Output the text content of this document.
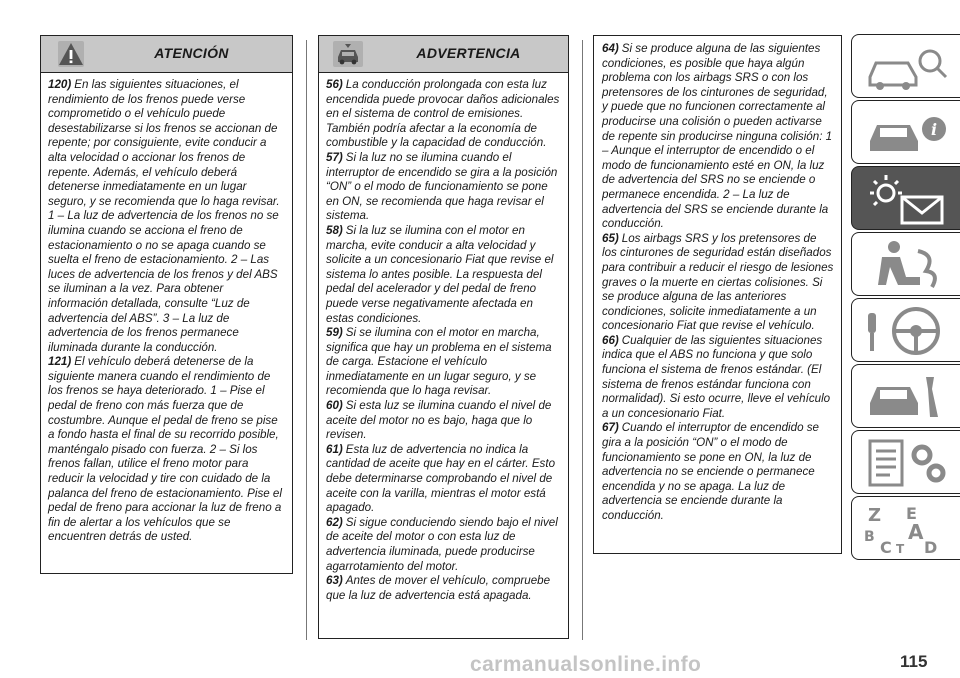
ATENCIÓN

120) En las siguientes situaciones, el rendimiento de los frenos puede verse comprometido o el vehículo puede desestabilizarse si los frenos se accionan de repente; por consiguiente, evite conducir a alta velocidad o accionar los frenos de repente. Además, el vehículo deberá detenerse inmediatamente en un lugar seguro, y se recomienda que lo haga revisar. 1 – La luz de advertencia de los frenos no se ilumina cuando se acciona el freno de estacionamiento o no se apaga cuando se suelta el freno de estacionamiento. 2 – Las luces de advertencia de los frenos y del ABS se iluminan a la vez. Para obtener información detallada, consulte “Luz de advertencia del ABS”. 3 – La luz de advertencia de los frenos permanece iluminada durante la conducción.

121) El vehículo deberá detenerse de la siguiente manera cuando el rendimiento de los frenos se haya deteriorado. 1 – Pise el pedal de freno con más fuerza que de costumbre. Aunque el pedal de freno se pise a fondo hasta el final de su recorrido posible, manténgalo pisado con fuerza. 2 – Si los frenos fallan, utilice el freno motor para reducir la velocidad y tire con cuidado de la palanca del freno de estacionamiento. Pise el pedal de freno para accionar la luz de freno a fin de alertar a los vehículos que se encuentren detrás de usted.

ADVERTENCIA

56) La conducción prolongada con esta luz encendida puede provocar daños adicionales en el sistema de control de emisiones. También podría afectar a la economía de combustible y la capacidad de conducción.

57) Si la luz no se ilumina cuando el interruptor de encendido se gira a la posición “ON” o el modo de funcionamiento se pone en ON, se recomienda que haga revisar el sistema.

58) Si la luz se ilumina con el motor en marcha, evite conducir a alta velocidad y solicite a un concesionario Fiat que revise el sistema lo antes posible. La respuesta del pedal del acelerador y del pedal de freno puede verse negativamente afectada en estas condiciones.

59) Si se ilumina con el motor en marcha, significa que hay un problema en el sistema de carga. Estacione el vehículo inmediatamente en un lugar seguro, y se recomienda que lo haga revisar.

60) Si esta luz se ilumina cuando el nivel de aceite del motor no es bajo, haga que lo revisen.

61) Esta luz de advertencia no indica la cantidad de aceite que hay en el cárter. Esto debe determinarse comprobando el nivel de aceite con la varilla, mientras el motor está apagado.

62) Si sigue conduciendo siendo bajo el nivel de aceite del motor o con esta luz de advertencia iluminada, puede producirse agarrotamiento del motor.

63) Antes de mover el vehículo, compruebe que la luz de advertencia está apagada.

64) Si se produce alguna de las siguientes condiciones, es posible que haya algún problema con los airbags SRS o con los pretensores de los cinturones de seguridad, y puede que no funcionen correctamente al producirse una colisión o pueden activarse de repente sin producirse ninguna colisión: 1 – Aunque el interruptor de encendido o el modo de funcionamiento esté en ON, la luz de advertencia del SRS no se enciende o permanece encendida. 2 – La luz de advertencia del SRS se enciende durante la conducción.

65) Los airbags SRS y los pretensores de los cinturones de seguridad están diseñados para contribuir a reducir el riesgo de lesiones graves o la muerte en ciertas colisiones. Si se produce alguna de las anteriores condiciones, solicite inmediatamente a un concesionario Fiat que revise el vehículo.

66) Cualquier de las siguientes situaciones indica que el ABS no funciona y que solo funciona el sistema de frenos estándar. (El sistema de frenos estándar funciona con normalidad). Si esto ocurre, lleve el vehículo a un concesionario Fiat.

67) Cuando el interruptor de encendido se gira a la posición “ON” o el modo de funcionamiento se pone en ON, la luz de advertencia no se enciende o permanece encendida y no se apaga. La luz de advertencia se enciende durante la conducción.

i
Z E
B A
C T D
carmanualsonline.info	115
